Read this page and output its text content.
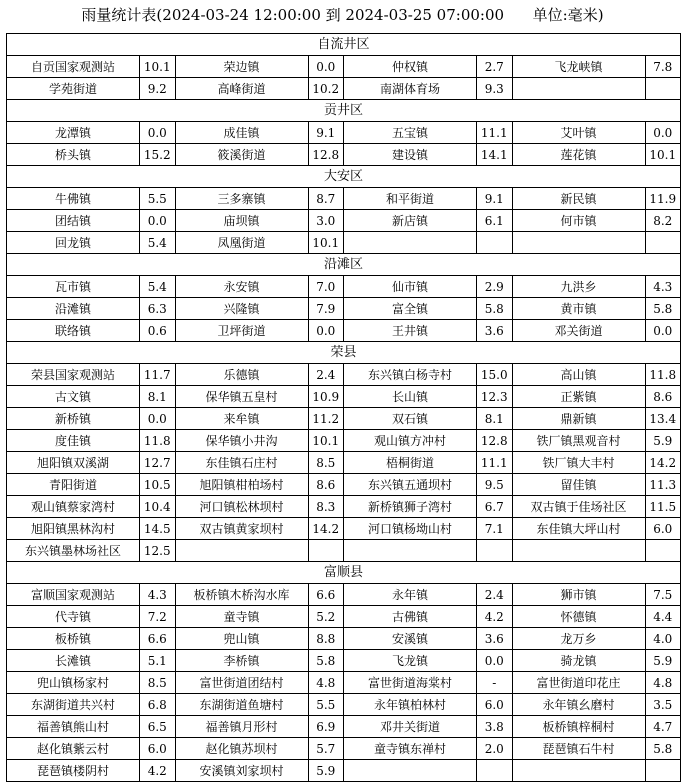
雨量统计表(2024-03-24 12:00:00 到 2024-03-25 07:00:00      单位:毫米)
自流井区							
自贡国家观测站	10.1	荣边镇	0.0	仲权镇	2.7	飞龙峡镇	7.8
学苑街道	9.2	高峰街道	10.2	南湖体育场	9.3		
贡井区							
龙潭镇	0.0	成佳镇	9.1	五宝镇	11.1	艾叶镇	0.0
桥头镇	15.2	筱溪街道	12.8	建设镇	14.1	莲花镇	10.1
大安区							
牛佛镇	5.5	三多寨镇	8.7	和平街道	9.1	新民镇	11.9
团结镇	0.0	庙坝镇	3.0	新店镇	6.1	何市镇	8.2
回龙镇	5.4	凤凰街道	10.1				
沿滩区							
瓦市镇	5.4	永安镇	7.0	仙市镇	2.9	九洪乡	4.3
沿滩镇	6.3	兴隆镇	7.9	富全镇	5.8	黄市镇	5.8
联络镇	0.6	卫坪街道	0.0	王井镇	3.6	邓关街道	0.0
荣县							
荣县国家观测站	11.7	乐德镇	2.4	东兴镇白杨寺村	15.0	高山镇	11.8
古文镇	8.1	保华镇五皇村	10.9	长山镇	12.3	正紫镇	8.6
新桥镇	0.0	来牟镇	11.2	双石镇	8.1	鼎新镇	13.4
度佳镇	11.8	保华镇小井沟	10.1	观山镇方冲村	12.8	铁厂镇黑观音村	5.9
旭阳镇双溪湖	12.7	东佳镇石庄村	8.5	梧桐街道	11.1	铁厂镇大丰村	14.2
青阳街道	10.5	旭阳镇柑柏场村	8.6	东兴镇五通坝村	9.5	留佳镇	11.3
观山镇蔡家湾村	10.4	河口镇松林坝村	8.3	新桥镇狮子湾村	6.7	双古镇于佳场社区	11.5
旭阳镇黑林沟村	14.5	双古镇黄家坝村	14.2	河口镇杨坳山村	7.1	东佳镇大坪山村	6.0
东兴镇墨林场社区	12.5						
富顺县							
富顺国家观测站	4.3	板桥镇木桥沟水库	6.6	永年镇	2.4	狮市镇	7.5
代寺镇	7.2	童寺镇	5.2	古佛镇	4.2	怀德镇	4.4
板桥镇	6.6	兜山镇	8.8	安溪镇	3.6	龙万乡	4.0
长滩镇	5.1	李桥镇	5.8	飞龙镇	0.0	骑龙镇	5.9
兜山镇杨家村	8.5	富世街道团结村	4.8	富世街道海棠村	-	富世街道印花庄	4.8
东湖街道共兴村	6.8	东湖街道鱼塘村	5.5	永年镇柏林村	6.0	永年镇幺磨村	3.5
福善镇熊山村	6.5	福善镇月形村	6.9	邓井关街道	3.8	板桥镇梓桐村	4.7
赵化镇紫云村	6.0	赵化镇苏坝村	5.7	童寺镇东禅村	2.0	琵琶镇石牛村	5.8
琵琶镇楼阴村	4.2	安溪镇刘家坝村	5.9				
